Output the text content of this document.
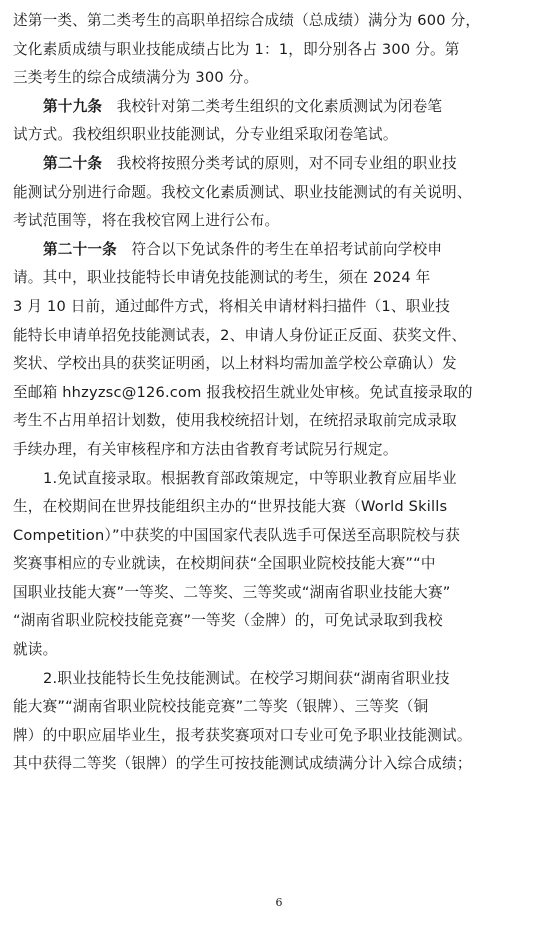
述第一类、第二类考生的高职单招综合成绩（总成绩）满分为 600 分，
文化素质成绩与职业技能成绩占比为 1：1，即分别各占 300 分。第
三类考生的综合成绩满分为 300 分。
第十九条 我校针对第二类考生组织的文化素质测试为闭卷笔
试方式。我校组织职业技能测试，分专业组采取闭卷笔试。
第二十条 我校将按照分类考试的原则，对不同专业组的职业技
能测试分别进行命题。我校文化素质测试、职业技能测试的有关说明、
考试范围等，将在我校官网上进行公布。
第二十一条 符合以下免试条件的考生在单招考试前向学校申
请。其中，职业技能特长申请免技能测试的考生，须在 2024 年
3 月 10 日前，通过邮件方式，将相关申请材料扫描件（1、职业技
能特长申请单招免技能测试表，2、申请人身份证正反面、获奖文件、
奖状、学校出具的获奖证明函，以上材料均需加盖学校公章确认）发
至邮箱 hhzyzsc@126.com 报我校招生就业处审核。免试直接录取的
考生不占用单招计划数，使用我校统招计划，在统招录取前完成录取
手续办理，有关审核程序和方法由省教育考试院另行规定。
1.免试直接录取。根据教育部政策规定，中等职业教育应届毕业
生，在校期间在世界技能组织主办的“世界技能大赛（World Skills
Competition）”中获奖的中国国家代表队选手可保送至高职院校与获
奖赛事相应的专业就读，在校期间获“全国职业院校技能大赛”“中
国职业技能大赛”一等奖、二等奖、三等奖或“湖南省职业技能大赛”
“湖南省职业院校技能竞赛”一等奖（金牌）的，可免试录取到我校
就读。
2.职业技能特长生免技能测试。在校学习期间获“湖南省职业技
能大赛”“湖南省职业院校技能竞赛”二等奖（银牌）、三等奖（铜
牌）的中职应届毕业生，报考获奖赛项对口专业可免予职业技能测试。
其中获得二等奖（银牌）的学生可按技能测试成绩满分计入综合成绩；
6
